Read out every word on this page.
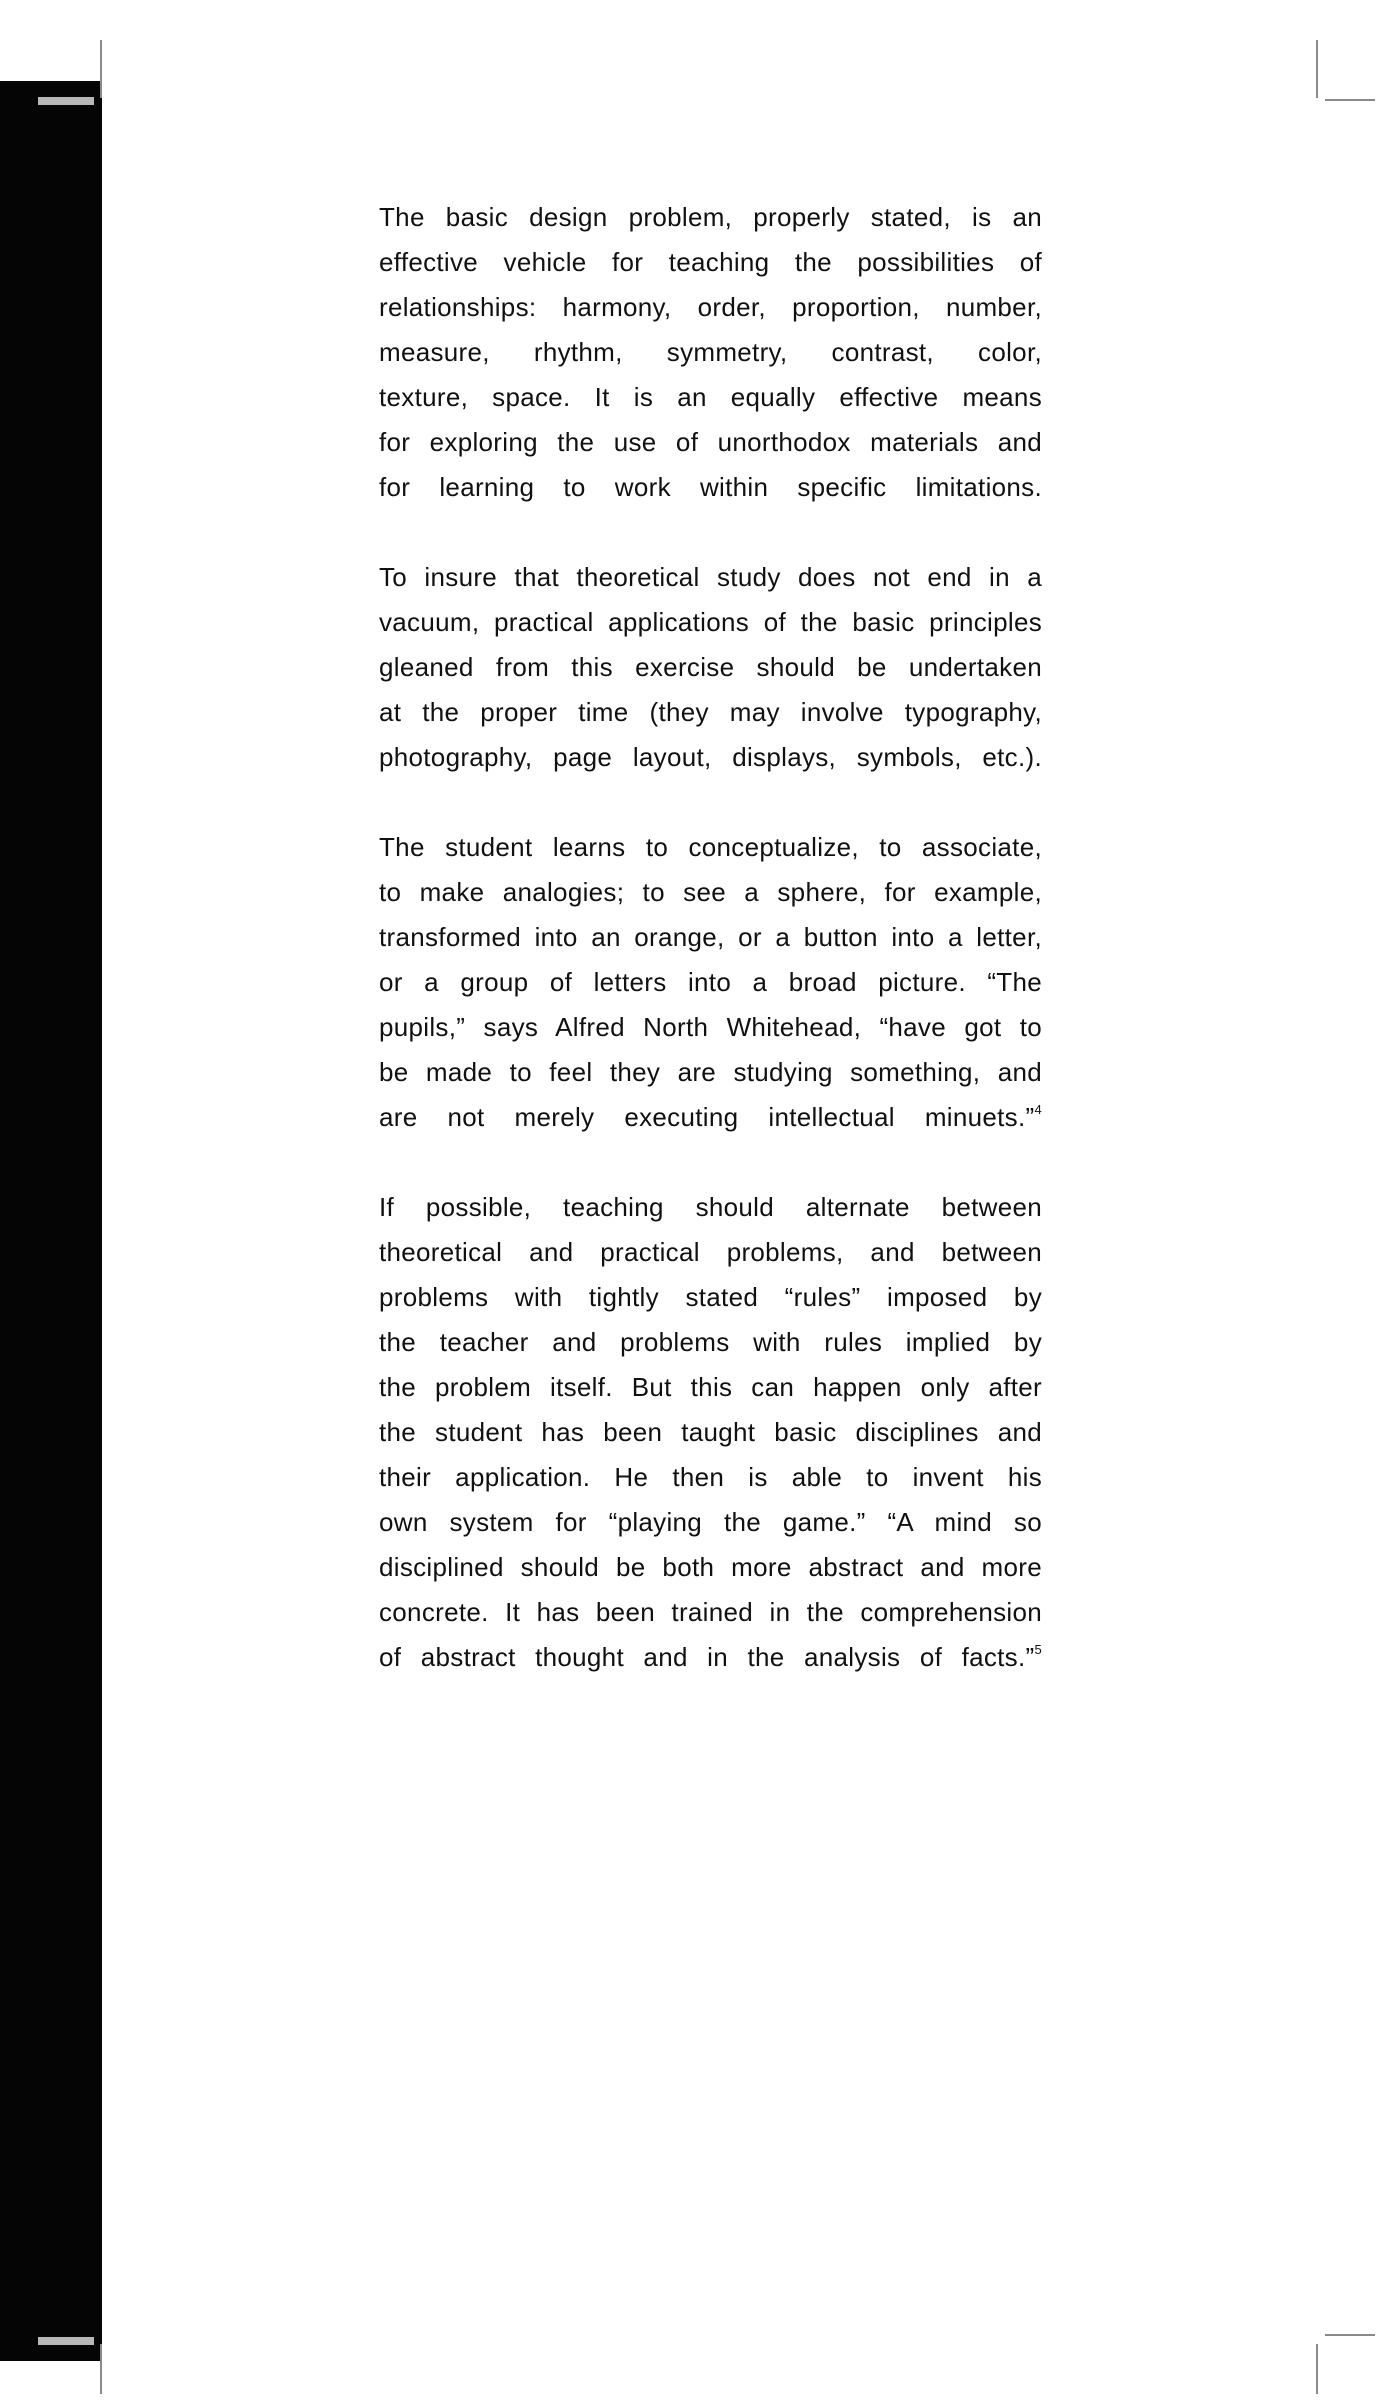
The basic design problem, properly stated, is an
effective vehicle for teaching the possibilities of
relationships: harmony, order, proportion, number,
measure, rhythm, symmetry, contrast, color,
texture, space. It is an equally effective means
for exploring the use of unorthodox materials and
for learning to work within specific limitations.

To insure that theoretical study does not end in a
vacuum, practical applications of the basic principles
gleaned from this exercise should be undertaken
at the proper time (they may involve typography,
photography, page layout, displays, symbols, etc.).

The student learns to conceptualize, to associate,
to make analogies; to see a sphere, for example,
transformed into an orange, or a button into a letter,
or a group of letters into a broad picture. “The
pupils,” says Alfred North Whitehead, “have got to
be made to feel they are studying something, and
are not merely executing intellectual minuets.”$^4$

If possible, teaching should alternate between
theoretical and practical problems, and between
problems with tightly stated “rules” imposed by
the teacher and problems with rules implied by
the problem itself. But this can happen only after
the student has been taught basic disciplines and
their application. He then is able to invent his
own system for “playing the game.” “A mind so
disciplined should be both more abstract and more
concrete. It has been trained in the comprehension
of abstract thought and in the analysis of facts.”$^5$
